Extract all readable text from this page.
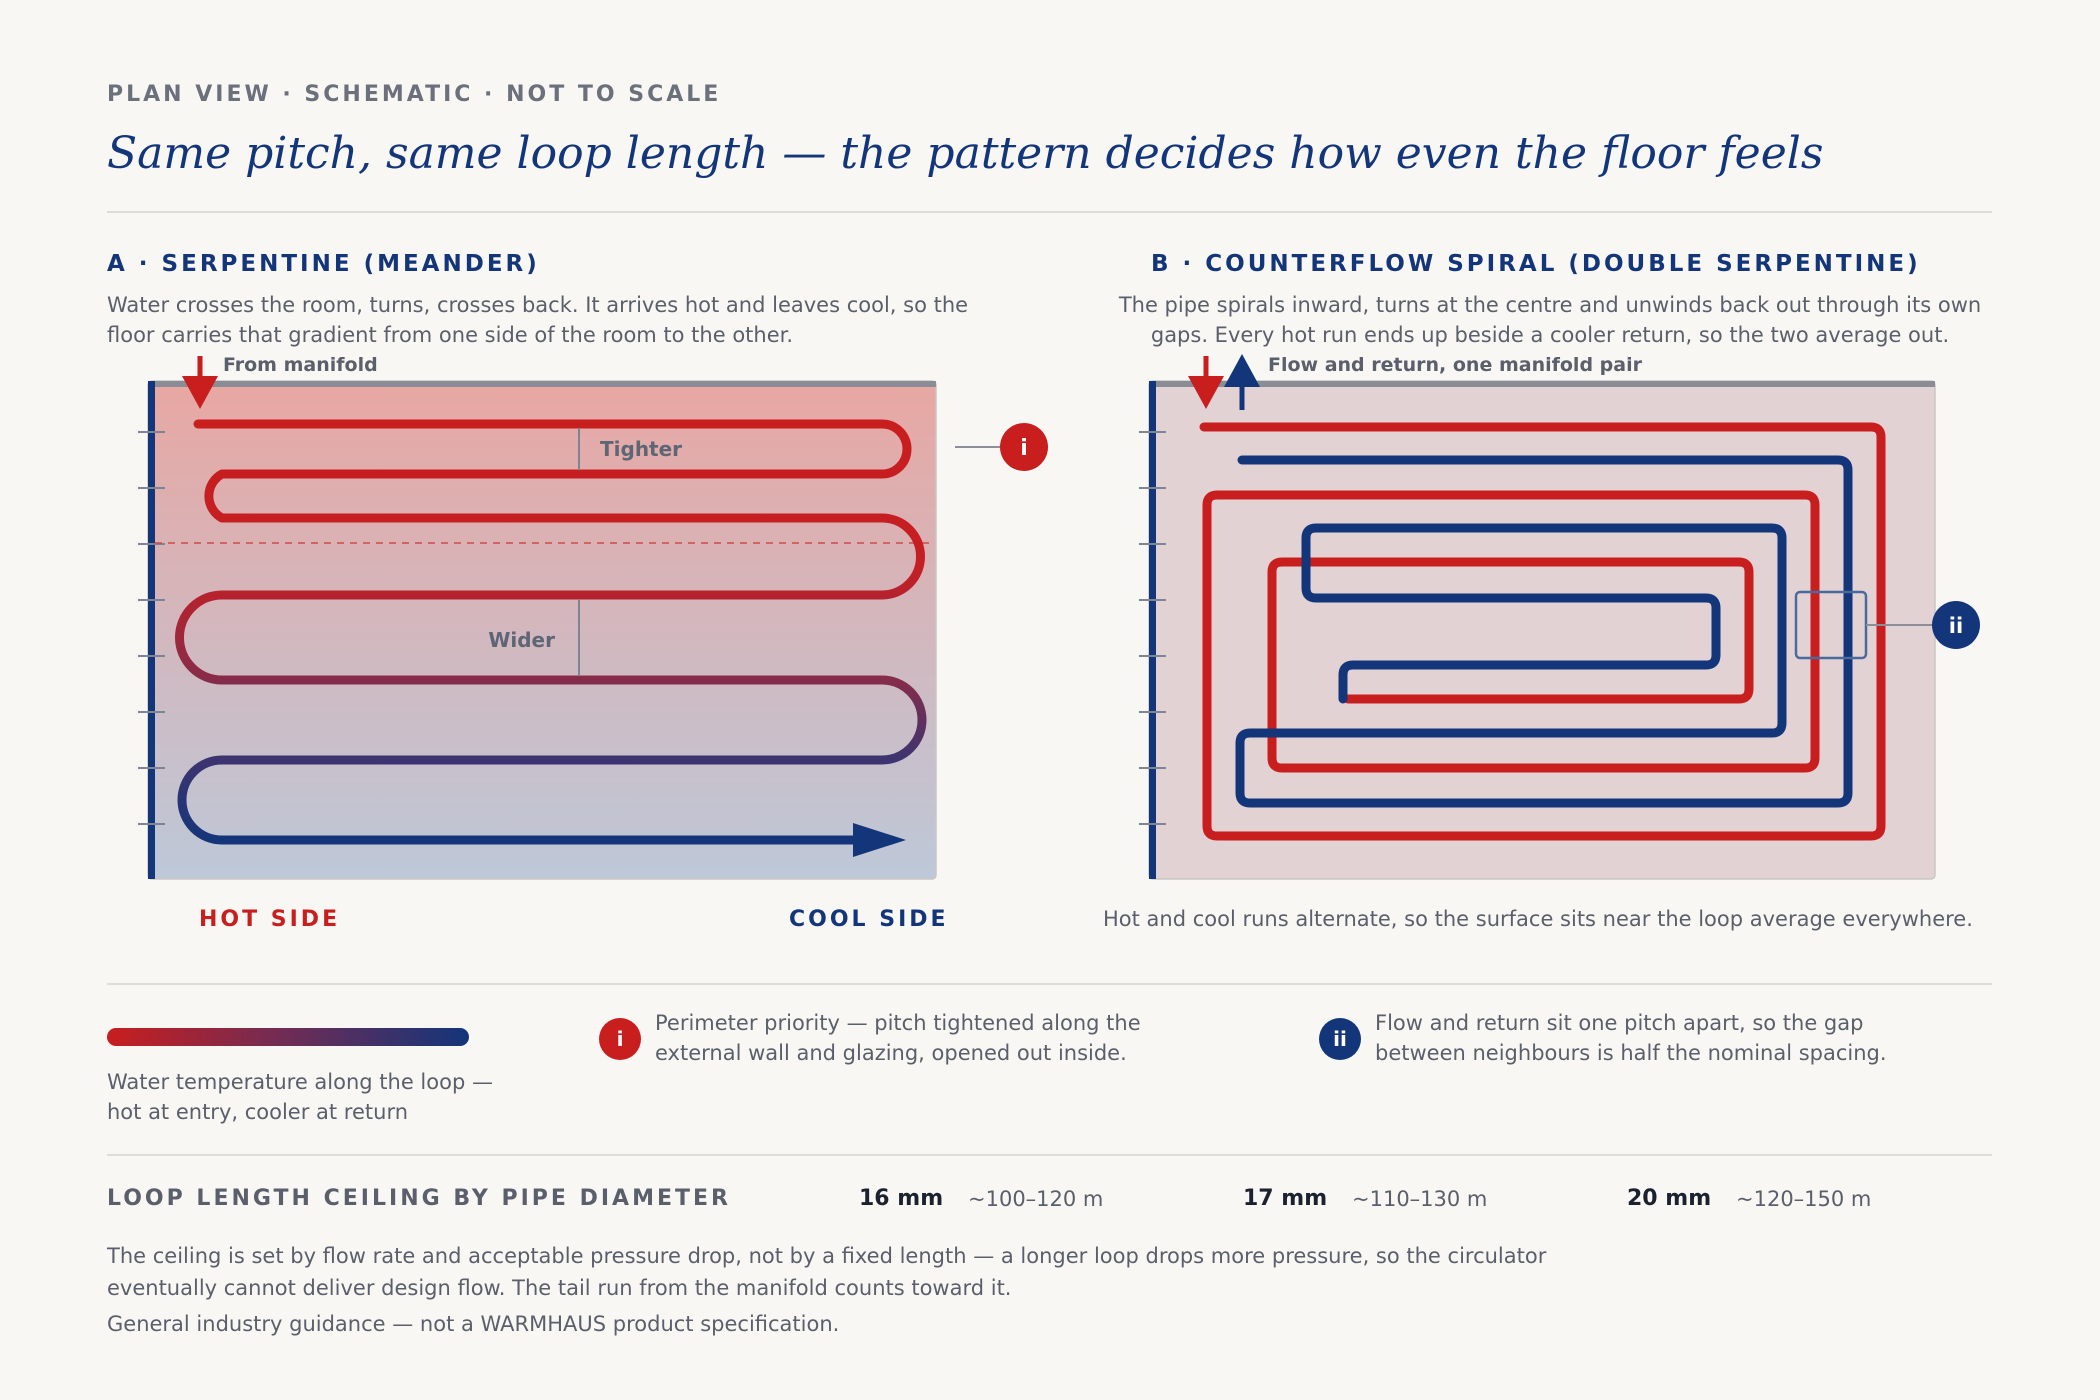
PLAN VIEW · SCHEMATIC · NOT TO SCALE
Same pitch, same loop length — the pattern decides how even the floor feels
A · SERPENTINE (MEANDER)
Water crosses the room, turns, crosses back. It arrives hot and leaves cool, so the floor carries that gradient from one side of the room to the other.
B · COUNTERFLOW SPIRAL (DOUBLE SERPENTINE)
The pipe spirals inward, turns at the centre and unwinds back out through its own gaps. Every hot run ends up beside a cooler return, so the two average out.
From manifold
Tighter
Wider
i
Flow and return, one manifold pair
ii
HOT SIDE	COOL SIDE	Hot and cool runs alternate, so the surface sits near the loop average everywhere.
Water temperature along the loop — hot at entry, cooler at return
i
Perimeter priority — pitch tightened along the external wall and glazing, opened out inside.
ii
Flow and return sit one pitch apart, so the gap between neighbours is half the nominal spacing.
LOOP LENGTH CEILING BY PIPE DIAMETER	16 mm ~100–120 m	17 mm ~110–130 m	20 mm ~120–150 m
The ceiling is set by flow rate and acceptable pressure drop, not by a fixed length — a longer loop drops more pressure, so the circulator eventually cannot deliver design flow. The tail run from the manifold counts toward it.
General industry guidance — not a WARMHAUS product specification.
